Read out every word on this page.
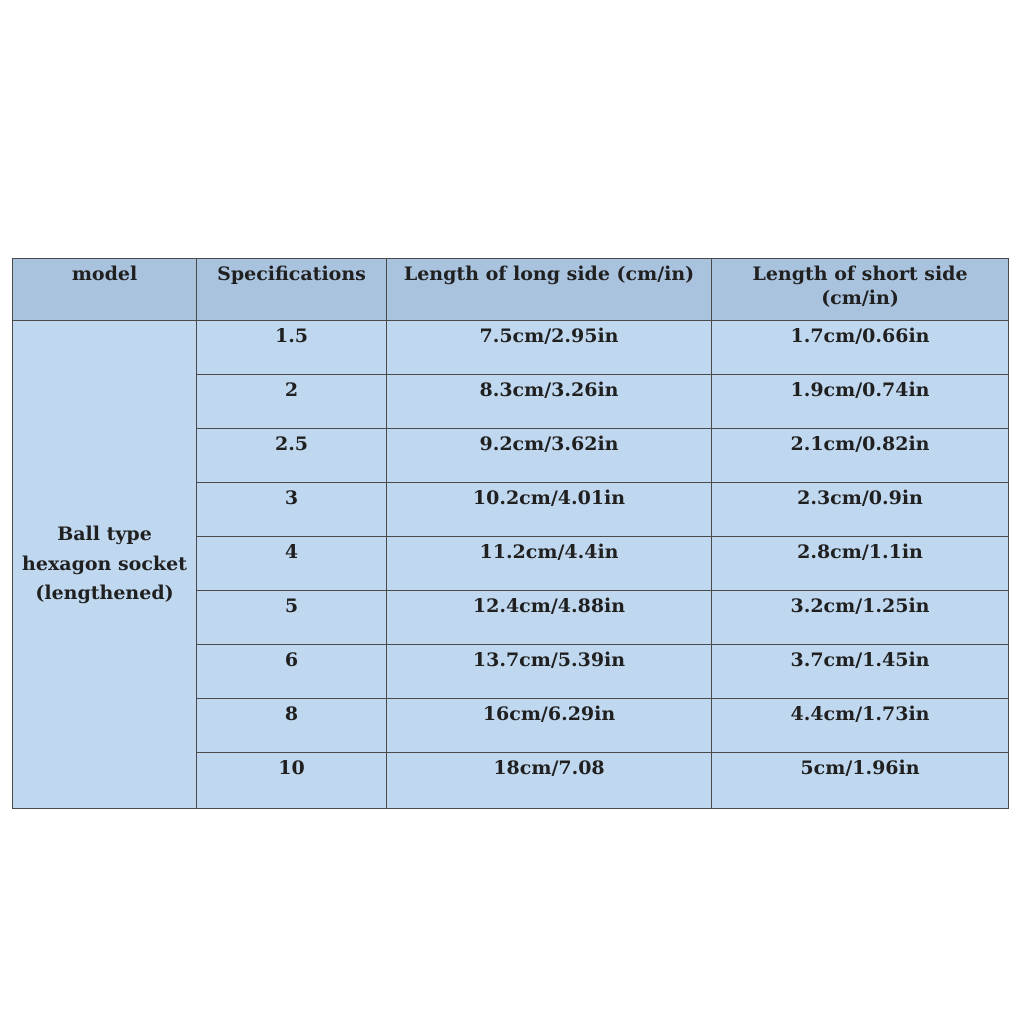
model	Specifications	Length of long side (cm/in)	Length of short side (cm/in)

Ball type
hexagon socket
(lengthened)	1.5	7.5cm/2.95in	1.7cm/0.66in
	2	8.3cm/3.26in	1.9cm/0.74in
	2.5	9.2cm/3.62in	2.1cm/0.82in
	3	10.2cm/4.01in	2.3cm/0.9in
	4	11.2cm/4.4in	2.8cm/1.1in
	5	12.4cm/4.88in	3.2cm/1.25in
	6	13.7cm/5.39in	3.7cm/1.45in
	8	16cm/6.29in	4.4cm/1.73in
	10	18cm/7.08	5cm/1.96in
